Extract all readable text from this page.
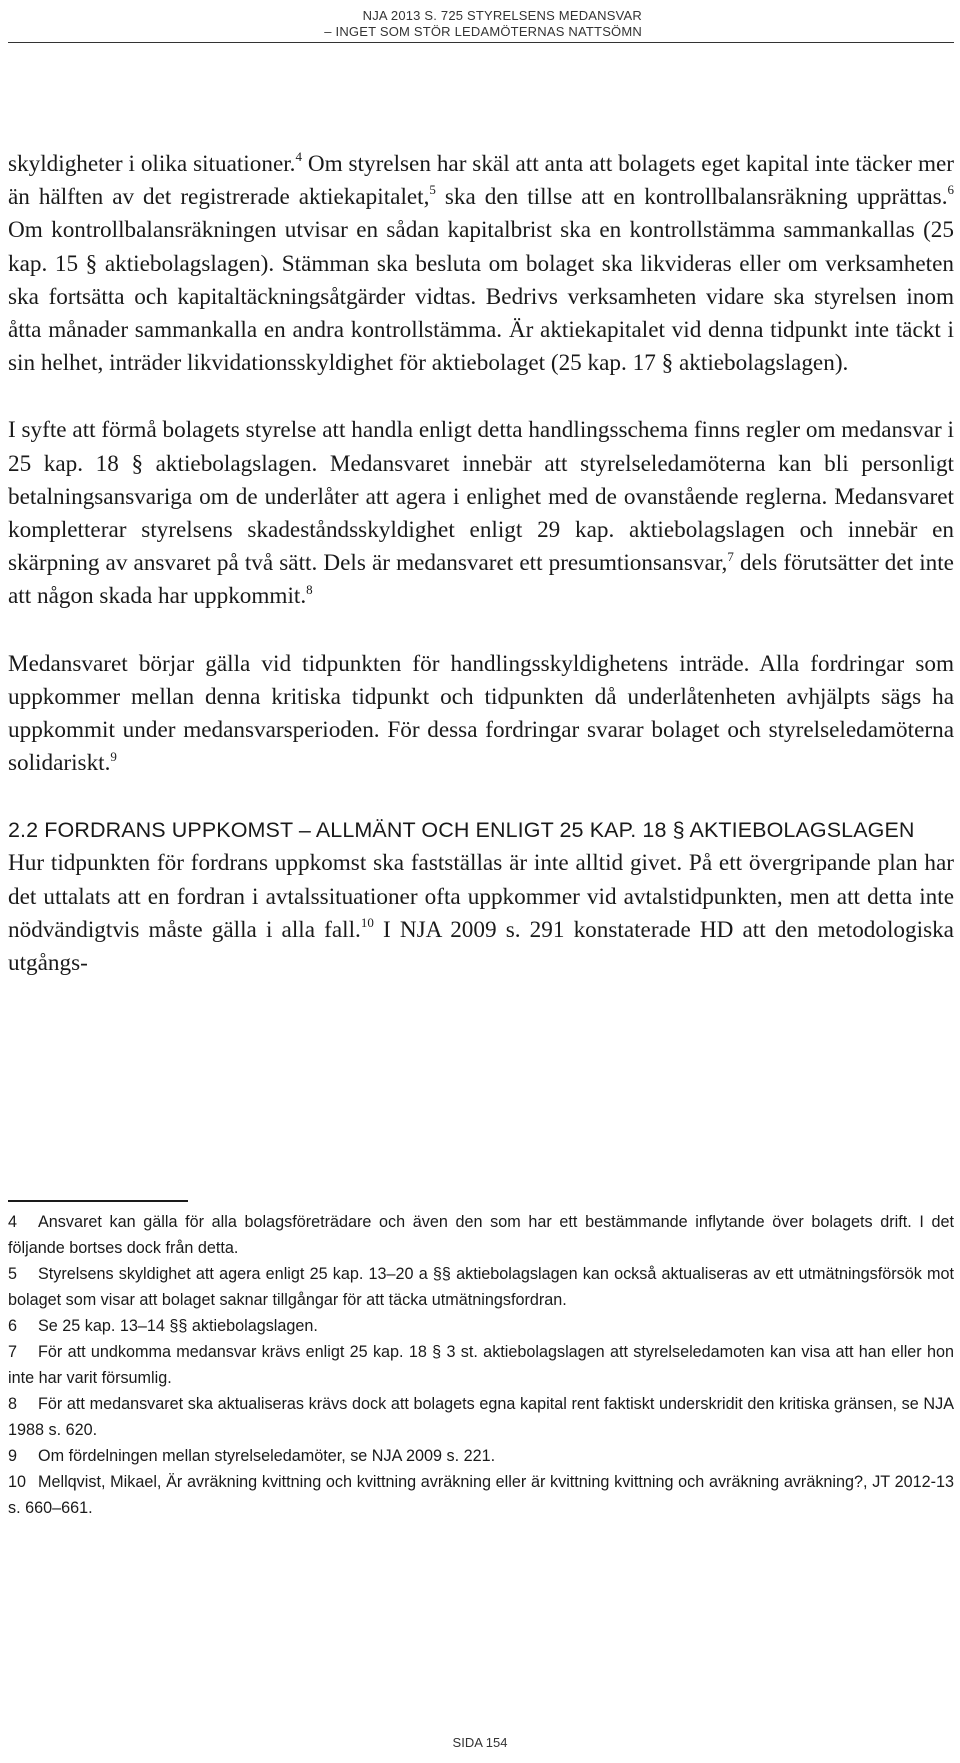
NJA 2013 S. 725 STYRELSENS MEDANSVAR
– INGET SOM STÖR LEDAMÖTERNAS NATTSÖMN

skyldigheter i olika situationer.$^4$ Om styrelsen har skäl att anta att bolagets eget kapital inte täcker mer än hälften av det registrerade aktiekapitalet,$^5$ ska den tillse att en kontrollbalansräkning upprättas.$^6$ Om kontrollbalansräkningen utvisar en sådan kapitalbrist ska en kontrollstämma sammankallas (25 kap. 15 § aktiebolagslagen). Stämman ska besluta om bolaget ska likvideras eller om verksamheten ska fortsätta och kapitaltäckningsåtgärder vidtas. Bedrivs verksamheten vidare ska styrelsen inom åtta månader sammankalla en andra kontrollstämma. Är aktiekapitalet vid denna tidpunkt inte täckt i sin helhet, inträder likvidationsskyldighet för aktiebolaget (25 kap. 17 § aktiebolagslagen).

I syfte att förmå bolagets styrelse att handla enligt detta handlingsschema finns regler om medansvar i 25 kap. 18 § aktiebolagslagen. Medansvaret innebär att styrelseledamöterna kan bli personligt betalningsansvariga om de underlåter att agera i enlighet med de ovanstående reglerna. Medansvaret kompletterar styrelsens skadeståndsskyldighet enligt 29 kap. aktiebolagslagen och innebär en skärpning av ansvaret på två sätt. Dels är medansvaret ett presumtionsansvar,$^7$ dels förutsätter det inte att någon skada har uppkommit.$^8$

Medansvaret börjar gälla vid tidpunkten för handlingsskyldighetens inträde. Alla fordringar som uppkommer mellan denna kritiska tidpunkt och tidpunkten då underlåtenheten avhjälpts sägs ha uppkommit under medansvarsperioden. För dessa fordringar svarar bolaget och styrelseledamöterna solidariskt.$^9$

2.2 FORDRANS UPPKOMST – ALLMÄNT OCH ENLIGT 25 KAP. 18 § AKTIEBOLAGSLAGEN

Hur tidpunkten för fordrans uppkomst ska fastställas är inte alltid givet. På ett övergripande plan har det uttalats att en fordran i avtalssituationer ofta uppkommer vid avtalstidpunkten, men att detta inte nödvändigtvis måste gälla i alla fall.$^{10}$ I NJA 2009 s. 291 konstaterade HD att den metodologiska utgångs-

4 Ansvaret kan gälla för alla bolagsföreträdare och även den som har ett bestämmande inflytande över bolagets drift. I det följande bortses dock från detta.

5 Styrelsens skyldighet att agera enligt 25 kap. 13–20 a §§ aktiebolagslagen kan också aktualiseras av ett utmätningsförsök mot bolaget som visar att bolaget saknar tillgångar för att täcka utmätningsfordran.

6 Se 25 kap. 13–14 §§ aktiebolagslagen.

7 För att undkomma medansvar krävs enligt 25 kap. 18 § 3 st. aktiebolagslagen att styrelseledamoten kan visa att han eller hon inte har varit försumlig.

8 För att medansvaret ska aktualiseras krävs dock att bolagets egna kapital rent faktiskt underskridit den kritiska gränsen, se NJA 1988 s. 620.

9 Om fördelningen mellan styrelseledamöter, se NJA 2009 s. 221.

10 Mellqvist, Mikael, Är avräkning kvittning och kvittning avräkning eller är kvittning kvittning och avräkning avräkning?, JT 2012-13 s. 660–661.

SIDA 154
